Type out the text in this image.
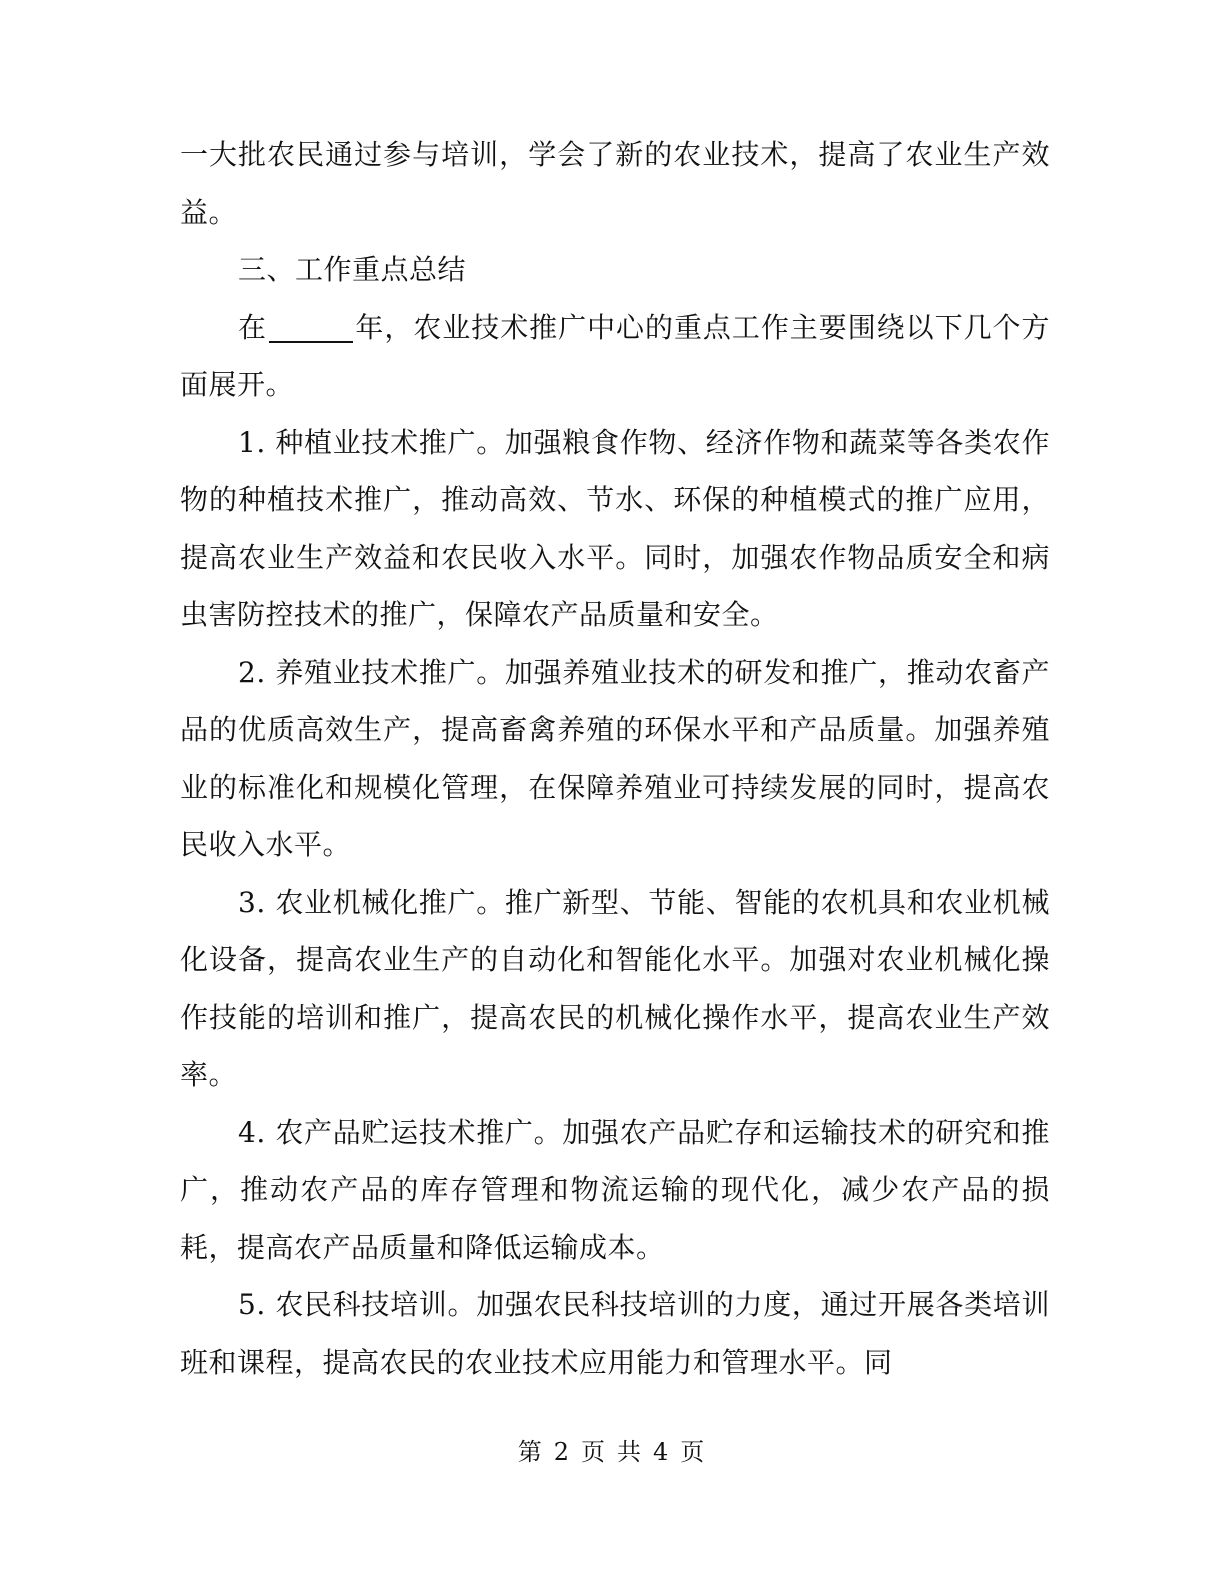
一大批农民通过参与培训，学会了新的农业技术，提高了农业生产效益。

三、工作重点总结

在	年，农业技术推广中心的重点工作主要围绕以下几个方面展开。

1. 种植业技术推广。加强粮食作物、经济作物和蔬菜等各类农作物的种植技术推广，推动高效、节水、环保的种植模式的推广应用，提高农业生产效益和农民收入水平。同时，加强农作物品质安全和病虫害防控技术的推广，保障农产品质量和安全。

2. 养殖业技术推广。加强养殖业技术的研发和推广，推动农畜产品的优质高效生产，提高畜禽养殖的环保水平和产品质量。加强养殖业的标准化和规模化管理，在保障养殖业可持续发展的同时，提高农民收入水平。

3. 农业机械化推广。推广新型、节能、智能的农机具和农业机械化设备，提高农业生产的自动化和智能化水平。加强对农业机械化操作技能的培训和推广，提高农民的机械化操作水平，提高农业生产效率。

4. 农产品贮运技术推广。加强农产品贮存和运输技术的研究和推广，推动农产品的库存管理和物流运输的现代化，减少农产品的损耗，提高农产品质量和降低运输成本。

5. 农民科技培训。加强农民科技培训的力度，通过开展各类培训班和课程，提高农民的农业技术应用能力和管理水平。同

第 2 页 共 4 页
